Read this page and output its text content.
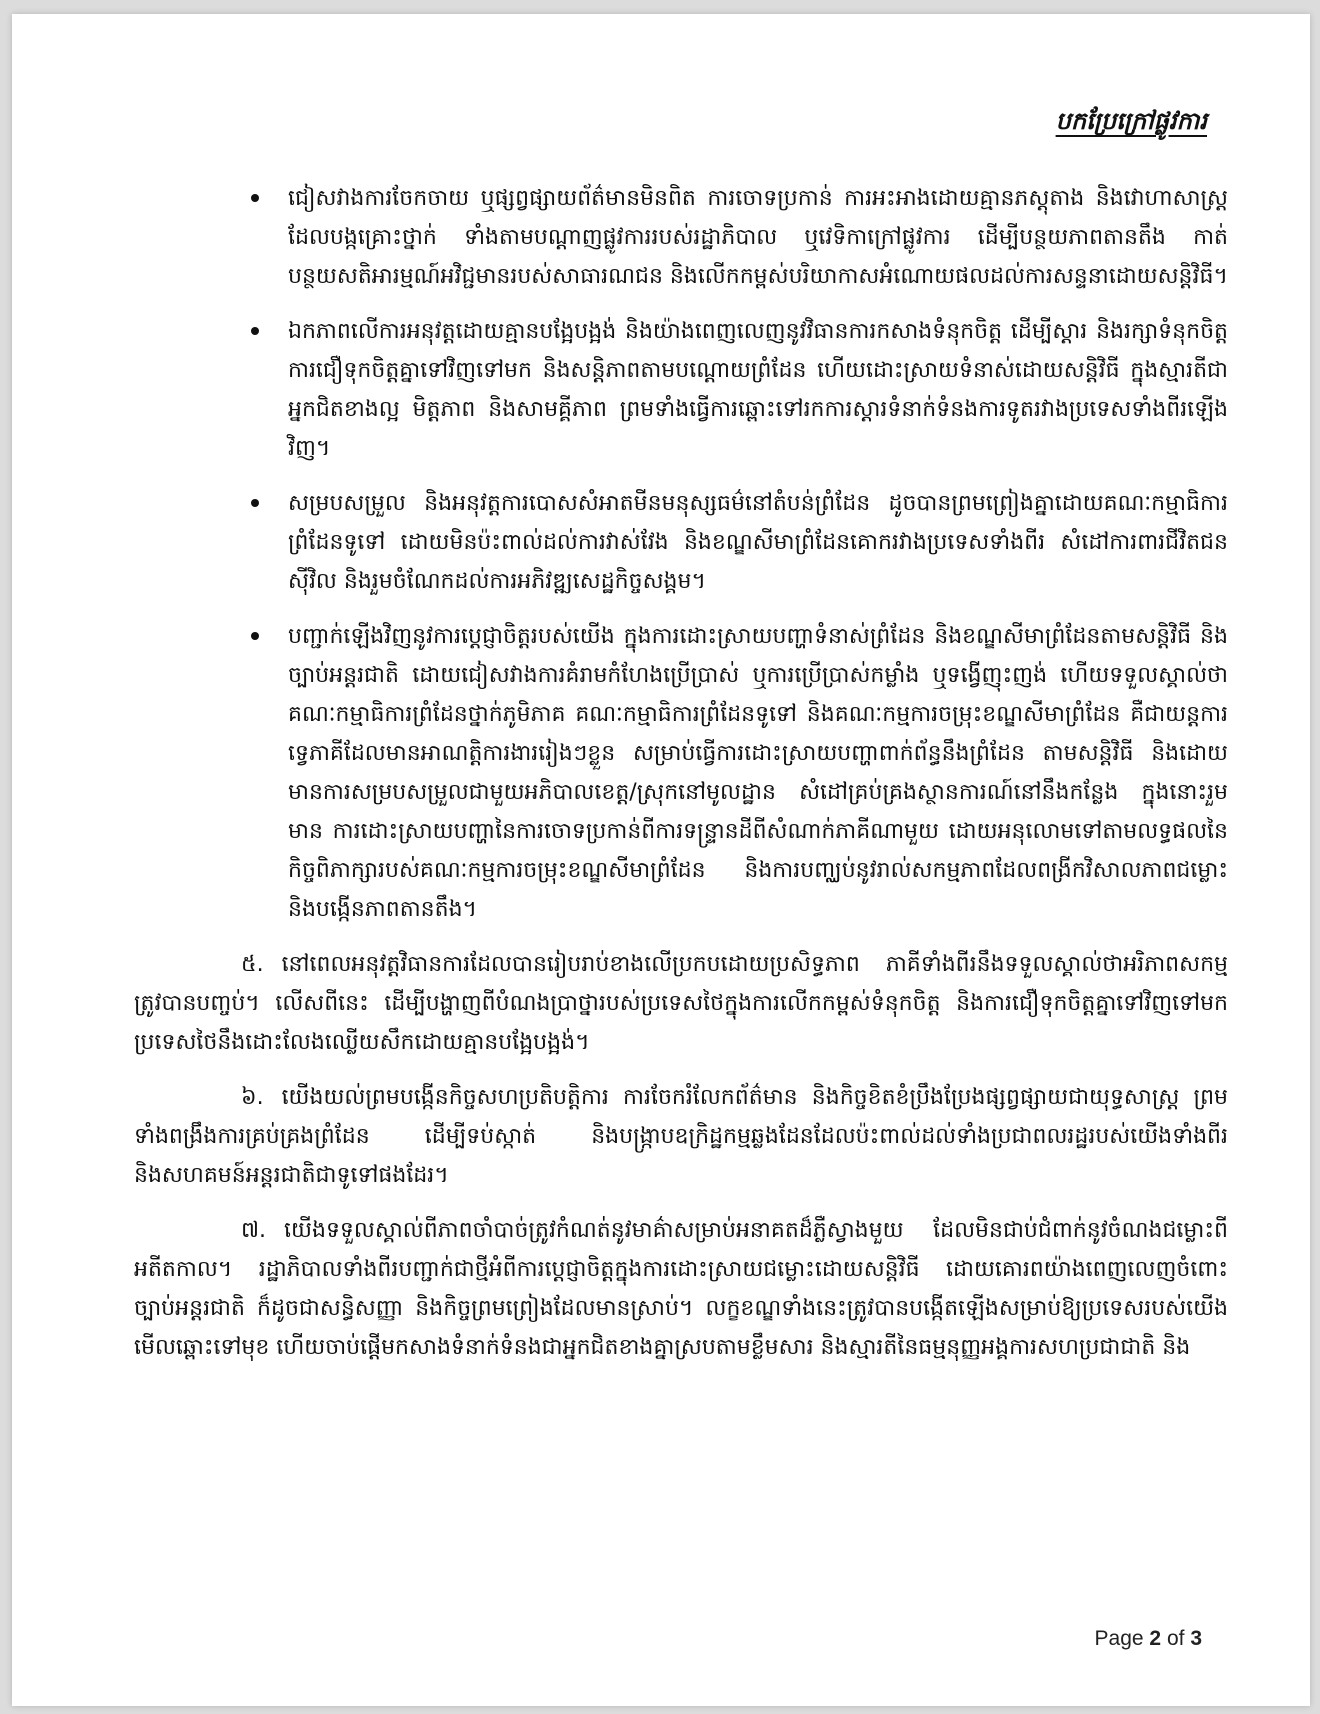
បកប្រែក្រៅផ្លូវការ
ជៀសវាងការចែកចាយ ឬផ្សព្វផ្សាយព័ត៌មានមិនពិត ការចោទប្រកាន់ ការអះអាងដោយគ្មានភស្តុតាង និងវោហាសាស្ត្រដែលបង្កគ្រោះថ្នាក់ ទាំងតាមបណ្ដាញផ្លូវការរបស់រដ្ឋាភិបាល ឬវេទិកាក្រៅផ្លូវការ ដើម្បីបន្ថយភាពតានតឹង កាត់បន្ថយសតិអារម្មណ៍អវិជ្ជមានរបស់សាធារណជន និងលើកកម្ពស់បរិយាកាសអំណោយផលដល់ការសន្ទនាដោយសន្តិវិធី។
ឯកភាពលើការអនុវត្តដោយគ្មានបង្អែបង្អង់ និងយ៉ាងពេញលេញនូវវិធានការកសាងទំនុកចិត្ត ដើម្បីស្តារ និងរក្សាទំនុកចិត្ត ការជឿទុកចិត្តគ្នាទៅវិញទៅមក និងសន្តិភាពតាមបណ្តោយព្រំដែន ហើយដោះស្រាយទំនាស់ដោយសន្តិវិធី ក្នុងស្មារតីជាអ្នកជិតខាងល្អ មិត្តភាព និងសាមគ្គីភាព ព្រមទាំងធ្វើការឆ្ពោះទៅរកការស្ដារទំនាក់ទំនងការទូតរវាងប្រទេសទាំងពីរឡើងវិញ។
សម្របសម្រួល និងអនុវត្តការបោសសំអាតមីនមនុស្សធម៌នៅតំបន់ព្រំដែន ដូចបានព្រមព្រៀងគ្នាដោយគណៈកម្មាធិការព្រំដែនទូទៅ ដោយមិនប៉ះពាល់ដល់ការវាស់វែង និងខណ្ឌសីមាព្រំដែនគោករវាងប្រទេសទាំងពីរ សំដៅការពារជីវិតជនស៊ីវិល និងរួមចំណែកដល់ការអភិវឌ្ឍសេដ្ឋកិច្ចសង្គម។
បញ្ជាក់ឡើងវិញនូវការប្តេជ្ញាចិត្តរបស់យើង ក្នុងការដោះស្រាយបញ្ហាទំនាស់ព្រំដែន និងខណ្ឌសីមាព្រំដែនតាមសន្តិវិធី និងច្បាប់អន្តរជាតិ ដោយជៀសវាងការគំរាមកំហែងប្រើប្រាស់ ឬការប្រើប្រាស់កម្លាំង ឬទង្វើញុះញង់ ហើយទទួលស្គាល់ថា គណៈកម្មាធិការព្រំដែនថ្នាក់ភូមិភាគ គណៈកម្មាធិការព្រំដែនទូទៅ និងគណៈកម្មការចម្រុះខណ្ឌសីមាព្រំដែន គឺជាយន្តការទ្វេភាគីដែលមានអាណត្តិការងាររៀងៗខ្លួន សម្រាប់ធ្វើការដោះស្រាយបញ្ហាពាក់ព័ន្ធនឹងព្រំដែន តាមសន្តិវិធី និងដោយមានការសម្របសម្រួលជាមួយអភិបាលខេត្ត/ស្រុកនៅមូលដ្ឋាន សំដៅគ្រប់គ្រងស្ថានការណ៍នៅនឹងកន្លែង ក្នុងនោះរួមមាន ការដោះស្រាយបញ្ហានៃការចោទប្រកាន់ពីការទន្ទ្រានដីពីសំណាក់ភាគីណាមួយ ដោយអនុលោមទៅតាមលទ្ធផលនៃកិច្ចពិភាក្សារបស់គណៈកម្មការចម្រុះខណ្ឌសីមាព្រំដែន និងការបញ្ឈប់នូវរាល់សកម្មភាពដែលពង្រីកវិសាលភាពជម្លោះ និងបង្កើនភាពតានតឹង។

៥. នៅពេលអនុវត្តវិធានការដែលបានរៀបរាប់ខាងលើប្រកបដោយប្រសិទ្ធភាព ភាគីទាំងពីរនឹងទទួលស្គាល់ថាអរិភាពសកម្មត្រូវបានបញ្ចប់។ លើសពីនេះ ដើម្បីបង្ហាញពីបំណងប្រាថ្នារបស់ប្រទេសថៃក្នុងការលើកកម្ពស់ទំនុកចិត្ត និងការជឿទុកចិត្តគ្នាទៅវិញទៅមក ប្រទេសថៃនឹងដោះលែងឈ្លើយសឹកដោយគ្មានបង្អែបង្អង់។

៦. យើងយល់ព្រមបង្កើនកិច្ចសហប្រតិបត្តិការ ការចែករំលែកព័ត៌មាន និងកិច្ចខិតខំប្រឹងប្រែងផ្សព្វផ្សាយជាយុទ្ធសាស្ត្រ ព្រមទាំងពង្រឹងការគ្រប់គ្រងព្រំដែន ដើម្បីទប់ស្កាត់ និងបង្ក្រាបឧក្រិដ្ឋកម្មឆ្លងដែនដែលប៉ះពាល់ដល់ទាំងប្រជាពលរដ្ឋរបស់យើងទាំងពីរ និងសហគមន៍អន្តរជាតិជាទូទៅផងដែរ។

៧. យើងទទួលស្គាល់ពីភាពចាំបាច់ត្រូវកំណត់នូវមាគ៌ាសម្រាប់អនាគតដ៏ភ្លឺស្វាងមួយ ដែលមិនជាប់ជំពាក់នូវចំណងជម្លោះពីអតីតកាល។ រដ្ឋាភិបាលទាំងពីរបញ្ជាក់ជាថ្មីអំពីការប្តេជ្ញាចិត្តក្នុងការដោះស្រាយជម្លោះដោយសន្តិវិធី ដោយគោរពយ៉ាងពេញលេញចំពោះច្បាប់អន្តរជាតិ ក៏ដូចជាសន្ធិសញ្ញា និងកិច្ចព្រមព្រៀងដែលមានស្រាប់។ លក្ខខណ្ឌទាំងនេះត្រូវបានបង្កើតឡើងសម្រាប់ឱ្យប្រទេសរបស់យើងមើលឆ្ពោះទៅមុខ ហើយចាប់ផ្តើមកសាងទំនាក់ទំនងជាអ្នកជិតខាងគ្នាស្របតាមខ្លឹមសារ និងស្មារតីនៃធម្មនុញ្ញអង្គការសហប្រជាជាតិ និង

Page 2 of 3
